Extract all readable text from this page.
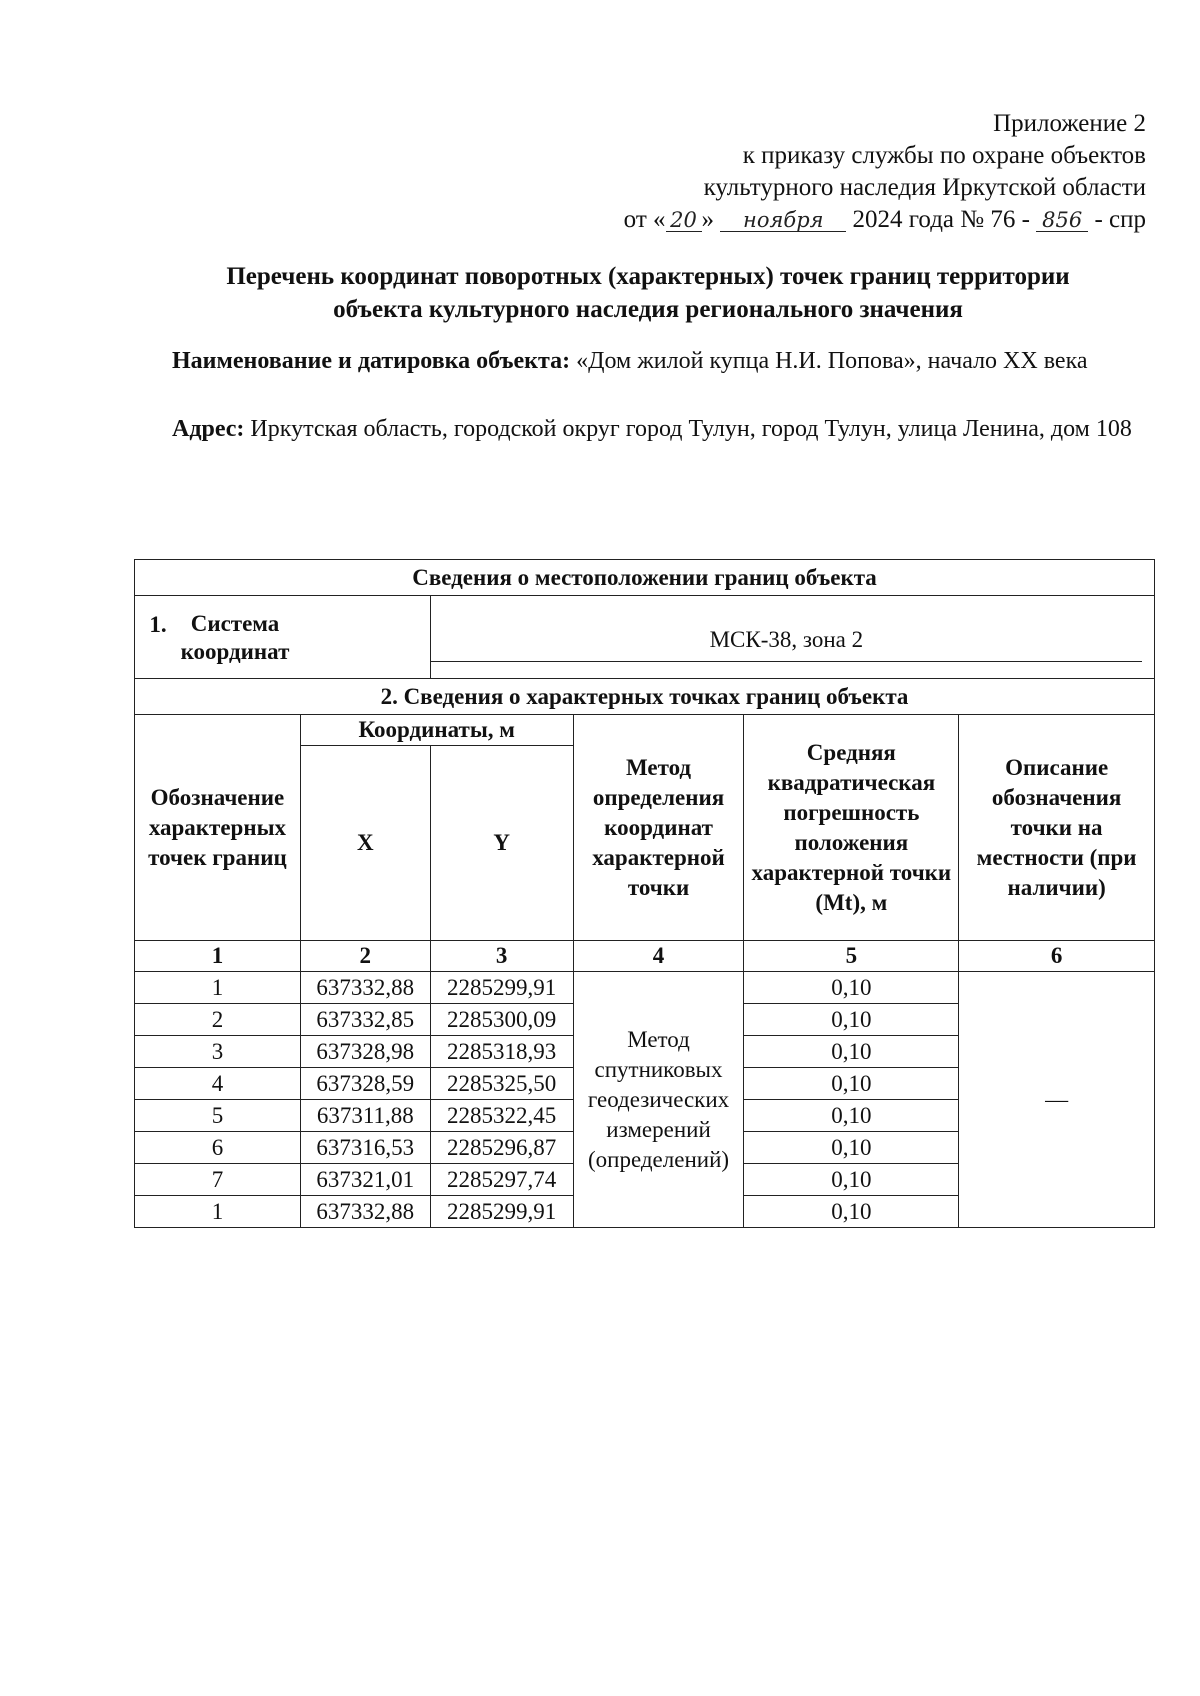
Приложение 2
к приказу службы по охране объектов
культурного наследия Иркутской области
от « 20 » ноября 2024 года № 76 - 856 - спр
Перечень координат поворотных (характерных) точек границ территории
объекта культурного наследия регионального значения
Наименование и датировка объекта: «Дом жилой купца Н.И. Попова», начало XX века
Адрес: Иркутская область, городской округ город Тулун, город Тулун, улица Ленина, дом 108
Сведения о местоположении границ объекта					

1. Система координат		МСК-38, зона 2			

2. Сведения о характерных точках границ объекта					
Обозначение характерных точек границ	Координаты, м		Метод определения координат характерной точки	Средняя квадратическая погрешность положения характерной точки (Mt), м	Описание обозначения точки на местности (при наличии)
	X	Y			
1	2	3	4	5	6
1	637332,88	2285299,91	Метод спутниковых геодезических измерений (определений)	0,10	—
2	637332,85	2285300,09		0,10	
3	637328,98	2285318,93		0,10	
4	637328,59	2285325,50		0,10	
5	637311,88	2285322,45		0,10	
6	637316,53	2285296,87		0,10	
7	637321,01	2285297,74		0,10	
1	637332,88	2285299,91		0,10	
